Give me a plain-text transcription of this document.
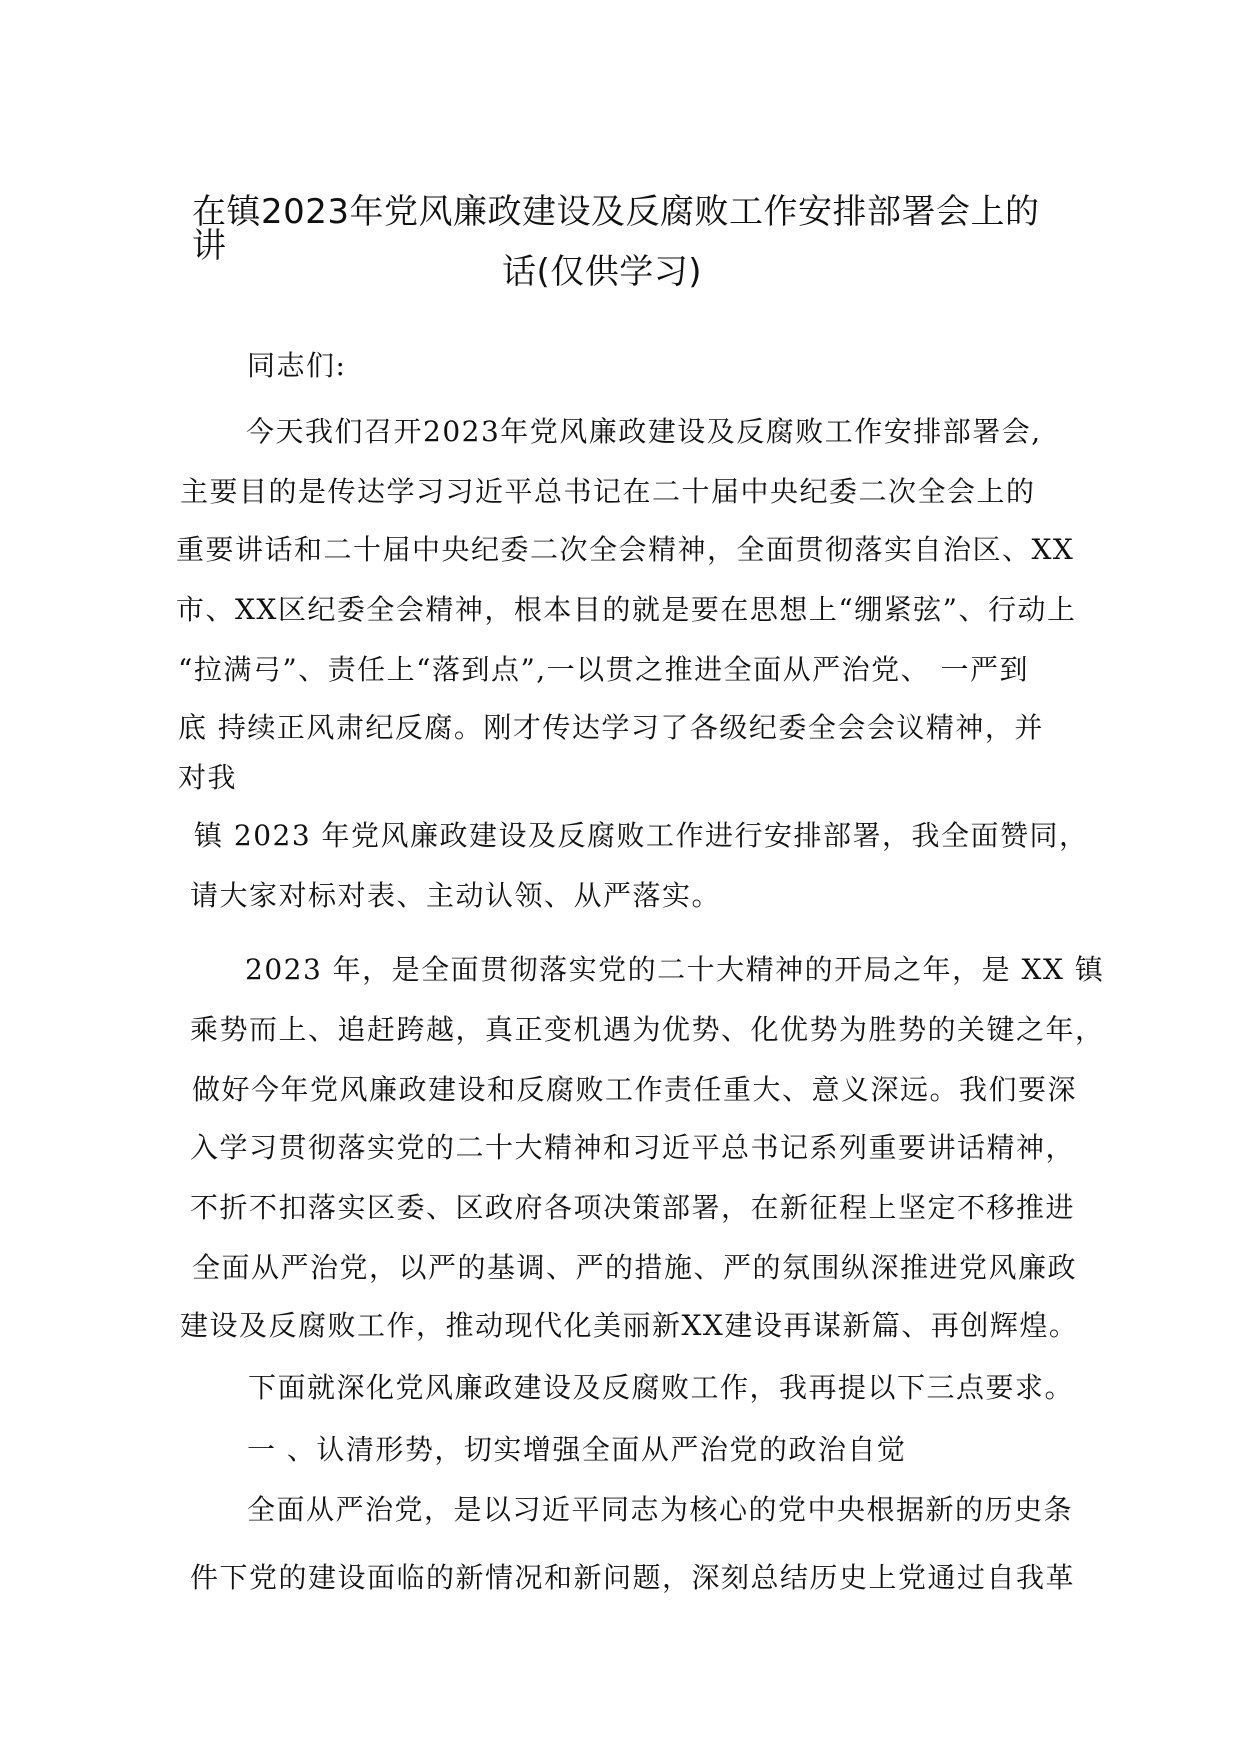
在镇2023年党风廉政建设及反腐败工作安排部署会上的
讲
话(仅供学习)
同志们:
今天我们召开2023年党风廉政建设及反腐败工作安排部署会,
主要目的是传达学习习近平总书记在二十届中央纪委二次全会上的
重要讲话和二十届中央纪委二次全会精神，全面贯彻落实自治区、XX
市、XX区纪委全会精神，根本目的就是要在思想上“绷紧弦”、行动上
“拉满弓”、责任上“落到点”,一以贯之推进全面从严治党、 一严到
底 持续正风肃纪反腐。刚才传达学习了各级纪委全会会议精神，并
对我
镇 2023 年党风廉政建设及反腐败工作进行安排部署，我全面赞同，
请大家对标对表、主动认领、从严落实。
2023 年，是全面贯彻落实党的二十大精神的开局之年，是 XX 镇
乘势而上、追赶跨越，真正变机遇为优势、化优势为胜势的关键之年，
做好今年党风廉政建设和反腐败工作责任重大、意义深远。我们要深
入学习贯彻落实党的二十大精神和习近平总书记系列重要讲话精神，
不折不扣落实区委、区政府各项决策部署，在新征程上坚定不移推进
全面从严治党，以严的基调、严的措施、严的氛围纵深推进党风廉政
建设及反腐败工作，推动现代化美丽新XX建设再谋新篇、再创辉煌。
下面就深化党风廉政建设及反腐败工作，我再提以下三点要求。
一 、认清形势，切实增强全面从严治党的政治自觉
全面从严治党，是以习近平同志为核心的党中央根据新的历史条
件下党的建设面临的新情况和新问题，深刻总结历史上党通过自我革
